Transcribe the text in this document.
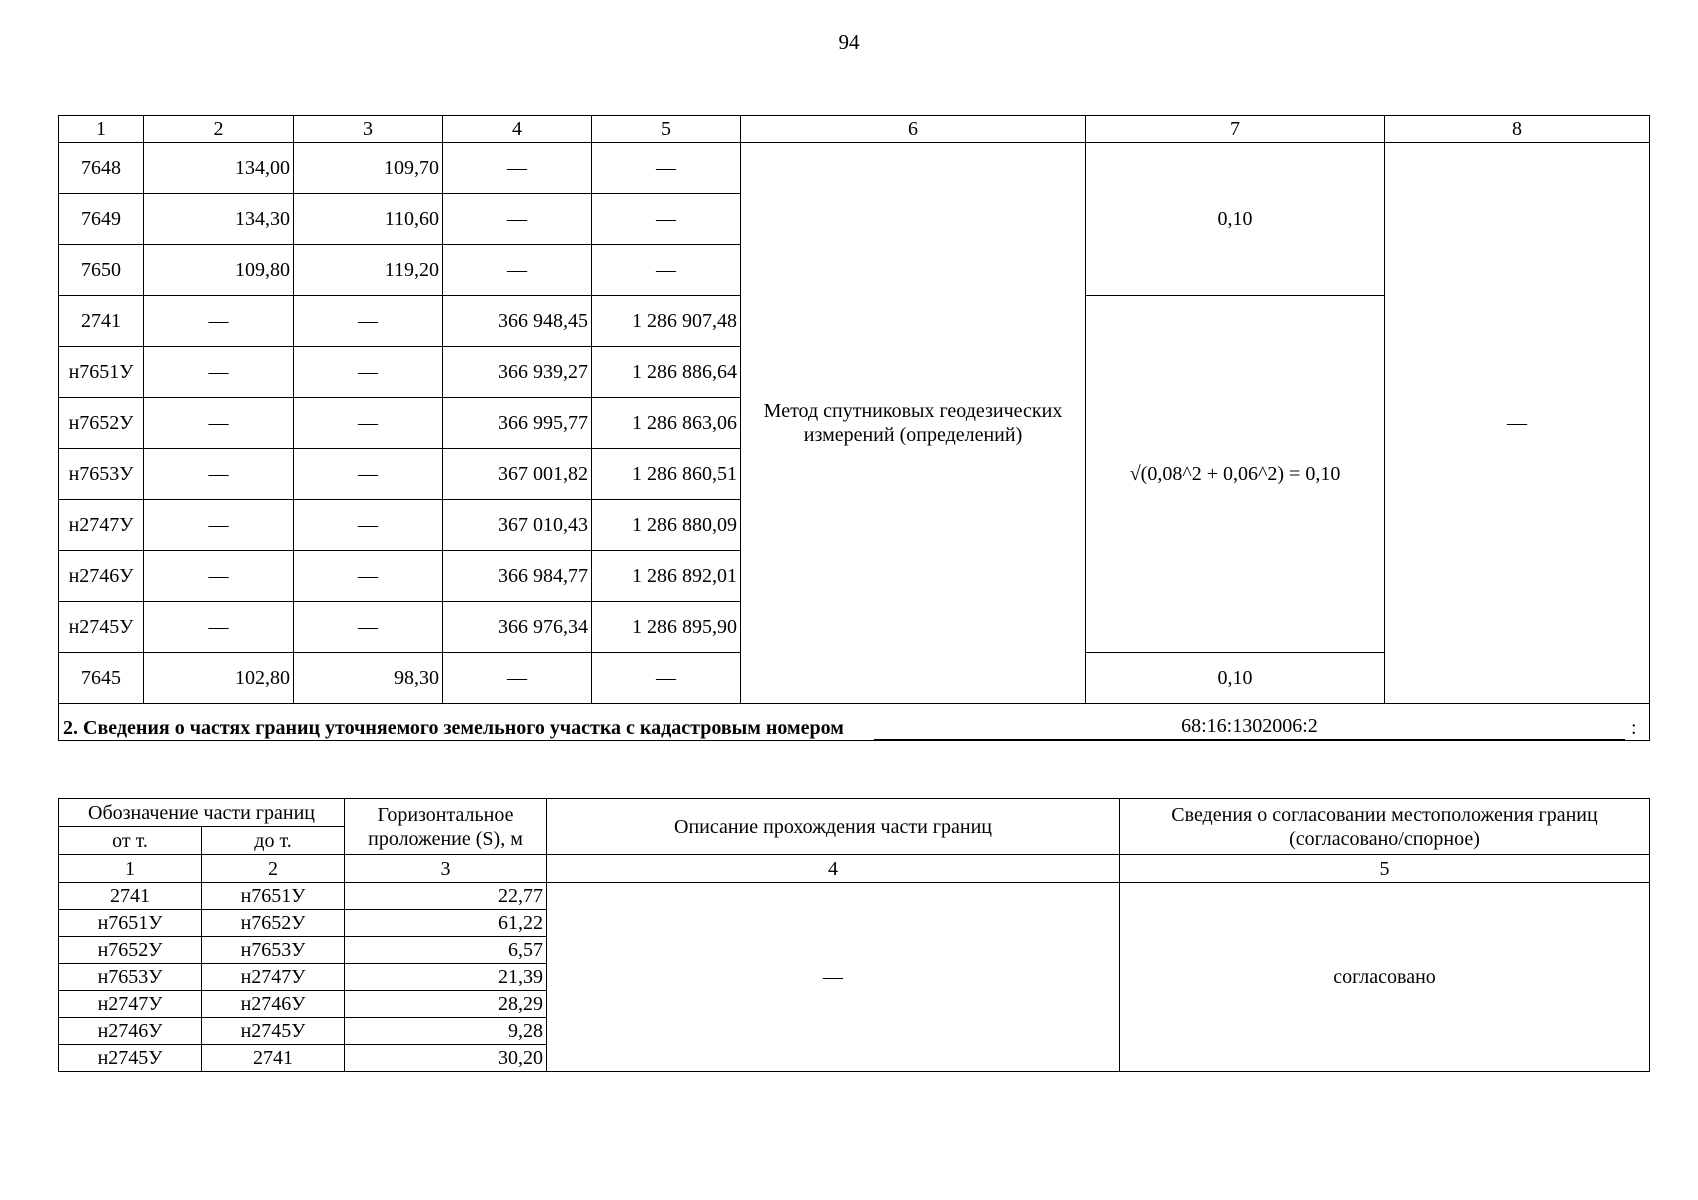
94
1	2	3	4	5	6	7	8
7648	134,00	109,70	—	—	Метод спутниковых геодезических измерений (определений)	0,10	—
7649	134,30	110,60	—	—			
7650	109,80	119,20	—	—			
2741	—	—	366 948,45	1 286 907,48		√(0,08^2 + 0,06^2) = 0,10	
н7651У	—	—	366 939,27	1 286 886,64			
н7652У	—	—	366 995,77	1 286 863,06			
н7653У	—	—	367 001,82	1 286 860,51			
н2747У	—	—	367 010,43	1 286 880,09			
н2746У	—	—	366 984,77	1 286 892,01			
н2745У	—	—	366 976,34	1 286 895,90			
7645	102,80	98,30	—	—		0,10	

2. Сведения о частях границ уточняемого земельного участка с кадастровым номером 68:16:1302006:2 :							
Обозначение части границ		Горизонтальное проложение (S), м	Описание прохождения части границ	Сведения о согласовании местоположения границ (согласовано/спорное)
от т.	до т.			
1	2	3	4	5
2741	н7651У	22,77	—	согласовано
н7651У	н7652У	61,22		
н7652У	н7653У	6,57		
н7653У	н2747У	21,39		
н2747У	н2746У	28,29		
н2746У	н2745У	9,28		
н2745У	2741	30,20		
